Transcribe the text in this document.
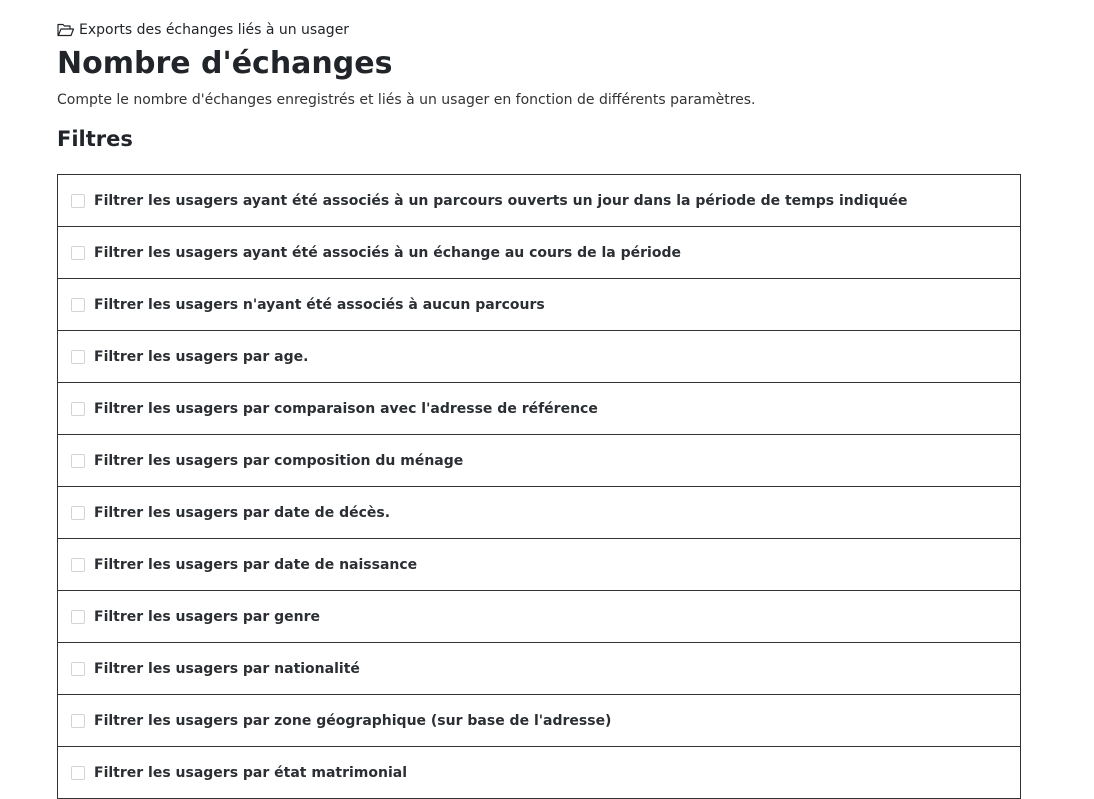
Exports des échanges liés à un usager
Nombre d'échanges

Compte le nombre d'échanges enregistrés et liés à un usager en fonction de différents paramètres.

Filtres
Filtrer les usagers ayant été associés à un parcours ouverts un jour dans la période de temps indiquée
Filtrer les usagers ayant été associés à un échange au cours de la période
Filtrer les usagers n'ayant été associés à aucun parcours
Filtrer les usagers par age.
Filtrer les usagers par comparaison avec l'adresse de référence
Filtrer les usagers par composition du ménage
Filtrer les usagers par date de décès.
Filtrer les usagers par date de naissance
Filtrer les usagers par genre
Filtrer les usagers par nationalité
Filtrer les usagers par zone géographique (sur base de l'adresse)
Filtrer les usagers par état matrimonial
